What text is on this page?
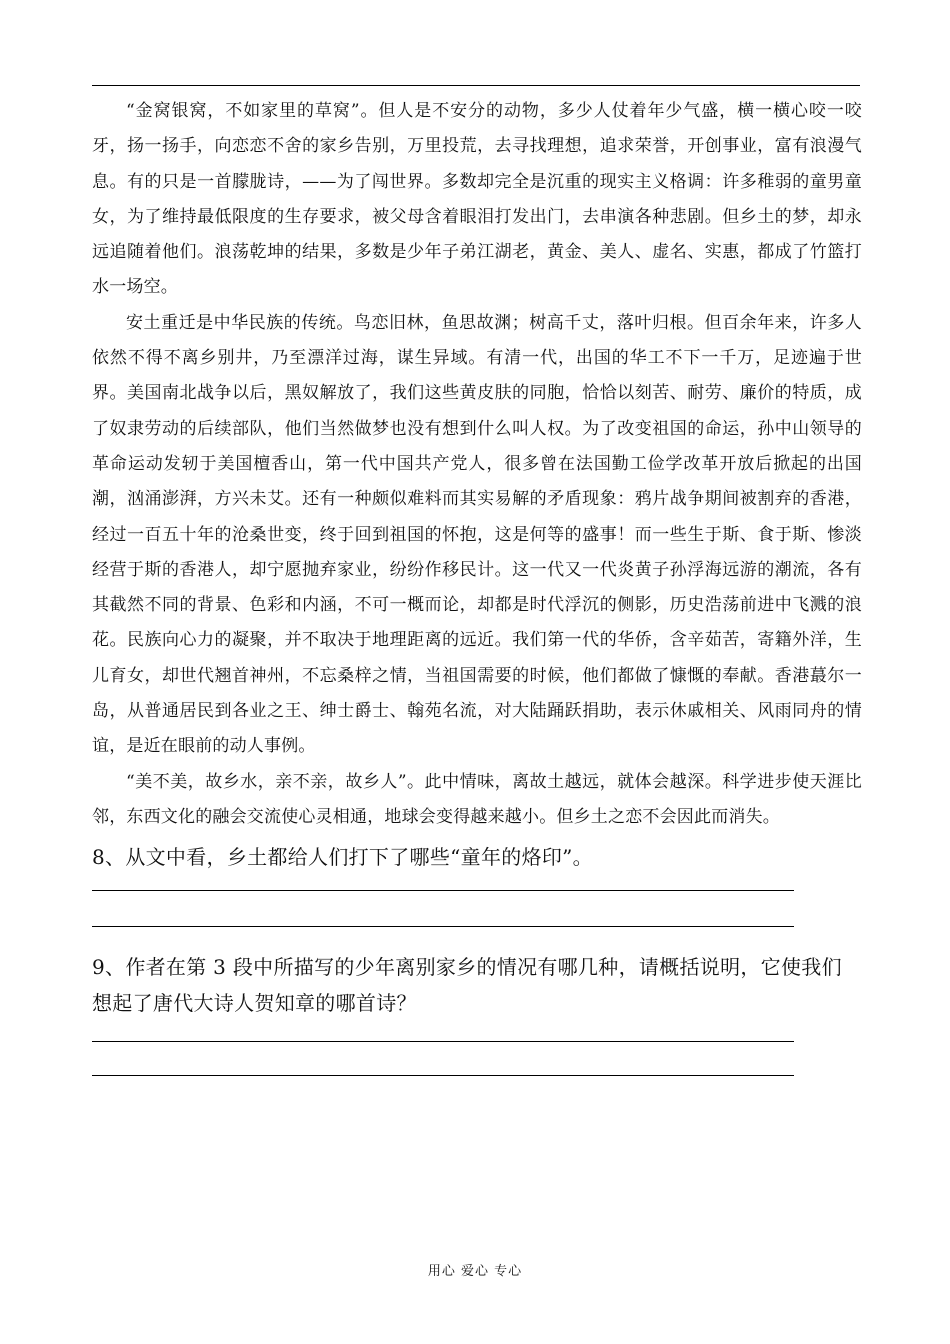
“金窝银窝，不如家里的草窝”。但人是不安分的动物，多少人仗着年少气盛，横一横心咬一咬牙，扬一扬手，向恋恋不舍的家乡告别，万里投荒，去寻找理想，追求荣誉，开创事业，富有浪漫气息。有的只是一首朦胧诗，——为了闯世界。多数却完全是沉重的现实主义格调：许多稚弱的童男童女，为了维持最低限度的生存要求，被父母含着眼泪打发出门，去串演各种悲剧。但乡土的梦，却永远追随着他们。浪荡乾坤的结果，多数是少年子弟江湖老，黄金、美人、虚名、实惠，都成了竹篮打水一场空。

安土重迁是中华民族的传统。鸟恋旧林，鱼思故渊；树高千丈，落叶归根。但百余年来，许多人依然不得不离乡别井，乃至漂洋过海，谋生异域。有清一代，出国的华工不下一千万，足迹遍于世界。美国南北战争以后，黑奴解放了，我们这些黄皮肤的同胞，恰恰以刻苦、耐劳、廉价的特质，成了奴隶劳动的后续部队，他们当然做梦也没有想到什么叫人权。为了改变祖国的命运，孙中山领导的革命运动发轫于美国檀香山，第一代中国共产党人，很多曾在法国勤工俭学改革开放后掀起的出国潮，汹涌澎湃，方兴未艾。还有一种颇似难料而其实易解的矛盾现象：鸦片战争期间被割弃的香港，经过一百五十年的沧桑世变，终于回到祖国的怀抱，这是何等的盛事！而一些生于斯、食于斯、惨淡经营于斯的香港人，却宁愿抛弃家业，纷纷作移民计。这一代又一代炎黄子孙浮海远游的潮流，各有其截然不同的背景、色彩和内涵，不可一概而论，却都是时代浮沉的侧影，历史浩荡前进中飞溅的浪花。民族向心力的凝聚，并不取决于地理距离的远近。我们第一代的华侨，含辛茹苦，寄籍外洋，生儿育女，却世代翘首神州，不忘桑梓之情，当祖国需要的时候，他们都做了慷慨的奉献。香港蕞尔一岛，从普通居民到各业之王、绅士爵士、翰苑名流，对大陆踊跃捐助，表示休戚相关、风雨同舟的情谊，是近在眼前的动人事例。

“美不美，故乡水，亲不亲，故乡人”。此中情味，离故土越远，就体会越深。科学进步使天涯比邻，东西文化的融会交流使心灵相通，地球会变得越来越小。但乡土之恋不会因此而消失。

8、从文中看，乡土都给人们打下了哪些“童年的烙印”。

9、作者在第 3 段中所描写的少年离别家乡的情况有哪几种，请概括说明，它使我们想起了唐代大诗人贺知章的哪首诗？

用心 爱心 专心
